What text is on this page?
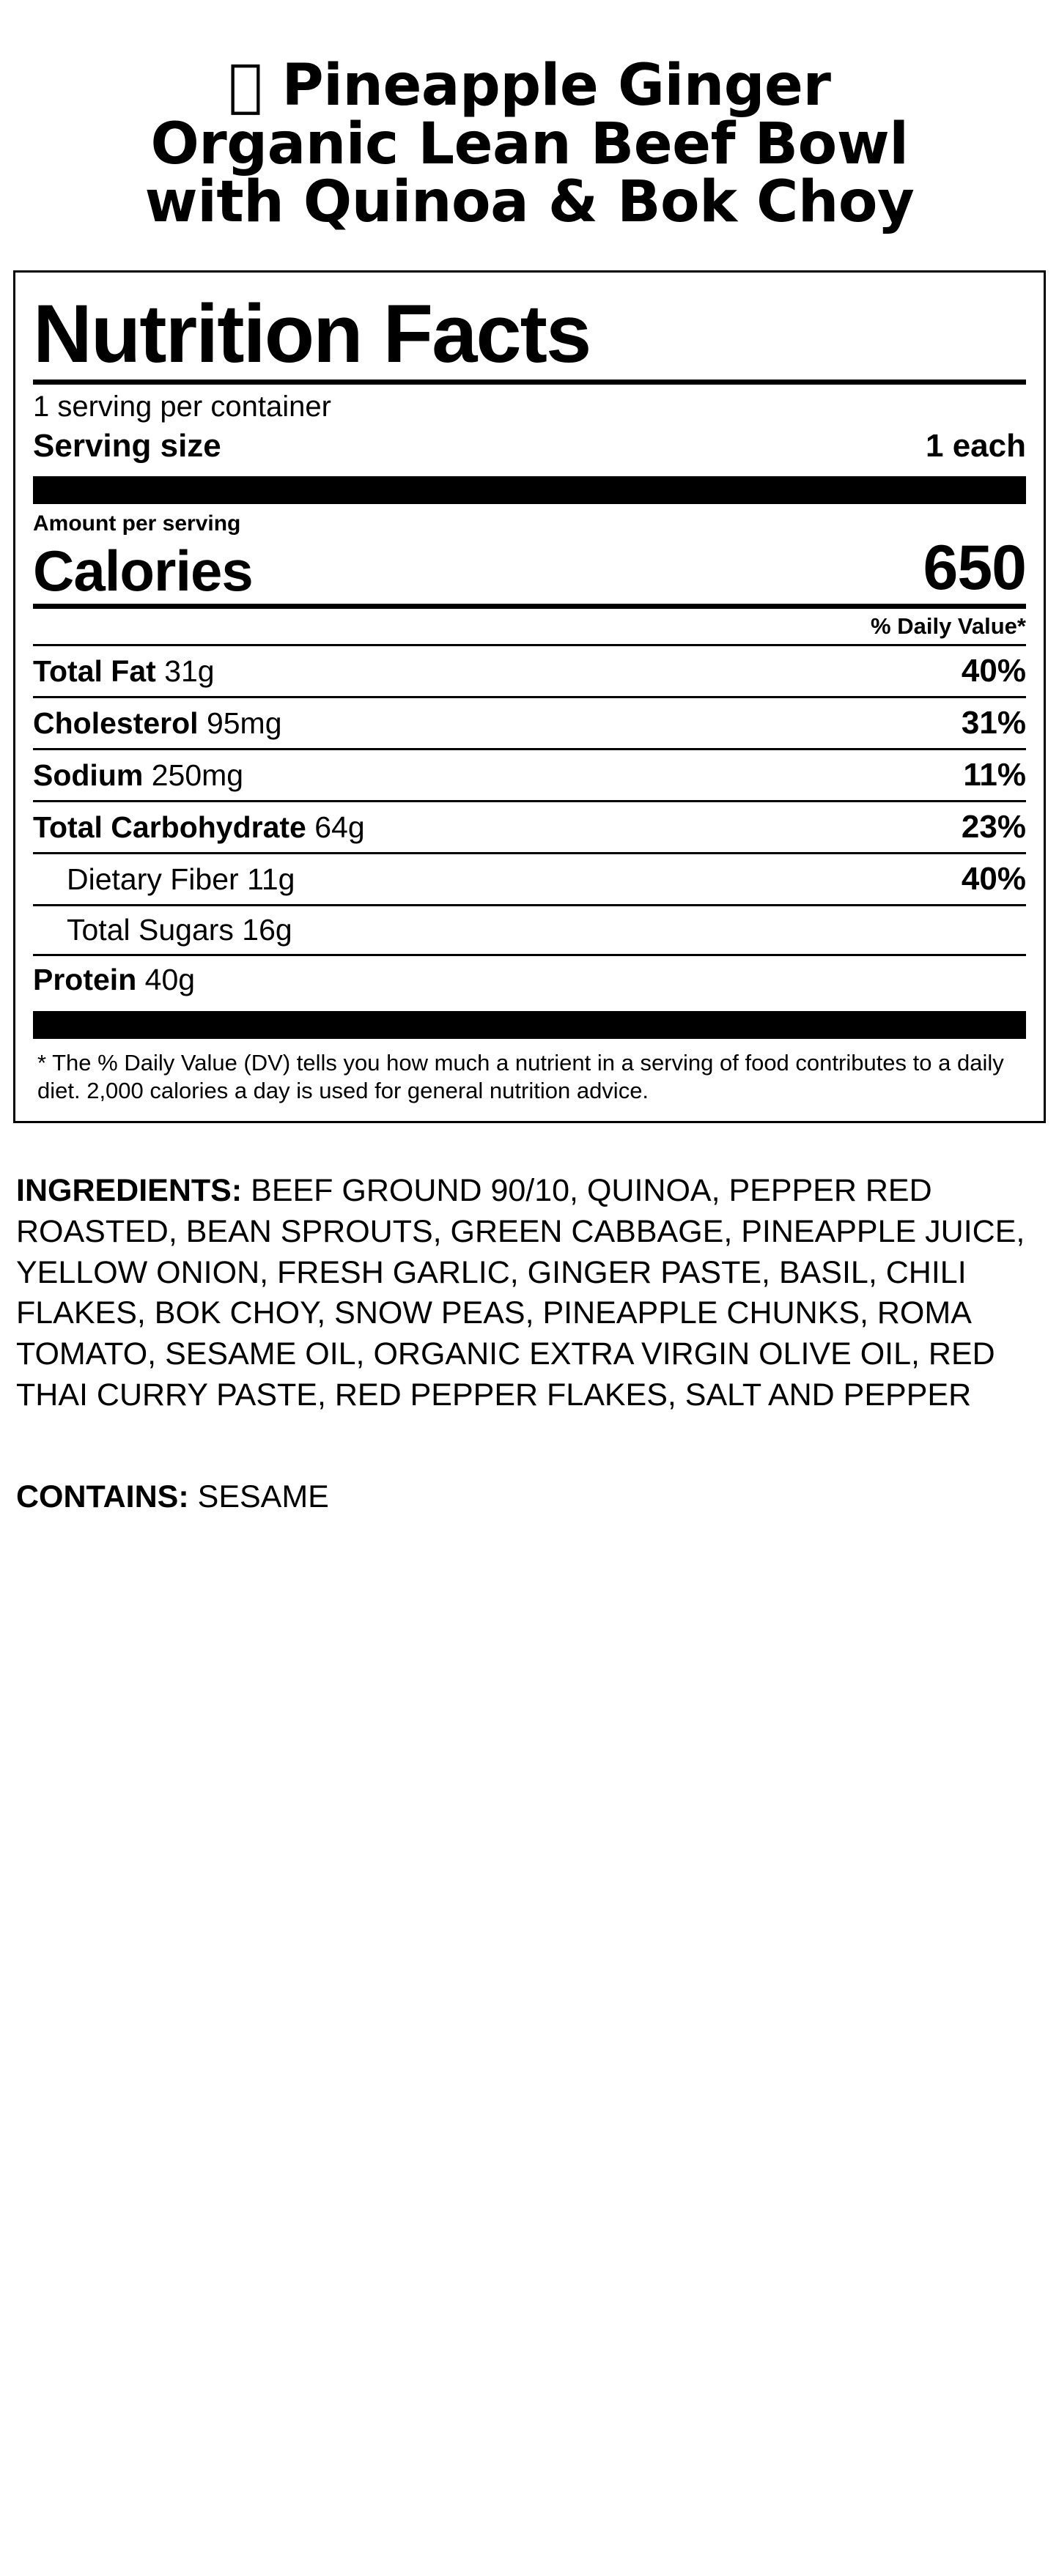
Pineapple Ginger Organic Lean Beef Bowl with Quinoa & Bok Choy
Nutrition Facts
1 serving per container
Serving size	1 each
Amount per serving
Calories	650
% Daily Value*
Total Fat 31g	40%
Cholesterol 95mg	31%
Sodium 250mg	11%
Total Carbohydrate 64g	23%
Dietary Fiber 11g	40%
Total Sugars 16g
Protein 40g
* The % Daily Value (DV) tells you how much a nutrient in a serving of food contributes to a daily diet. 2,000 calories a day is used for general nutrition advice.

INGREDIENTS: BEEF GROUND 90/10, QUINOA, PEPPER RED ROASTED, BEAN SPROUTS, GREEN CABBAGE, PINEAPPLE JUICE, YELLOW ONION, FRESH GARLIC, GINGER PASTE, BASIL, CHILI FLAKES, BOK CHOY, SNOW PEAS, PINEAPPLE CHUNKS, ROMA TOMATO, SESAME OIL, ORGANIC EXTRA VIRGIN OLIVE OIL, RED THAI CURRY PASTE, RED PEPPER FLAKES, SALT AND PEPPER

CONTAINS: SESAME
